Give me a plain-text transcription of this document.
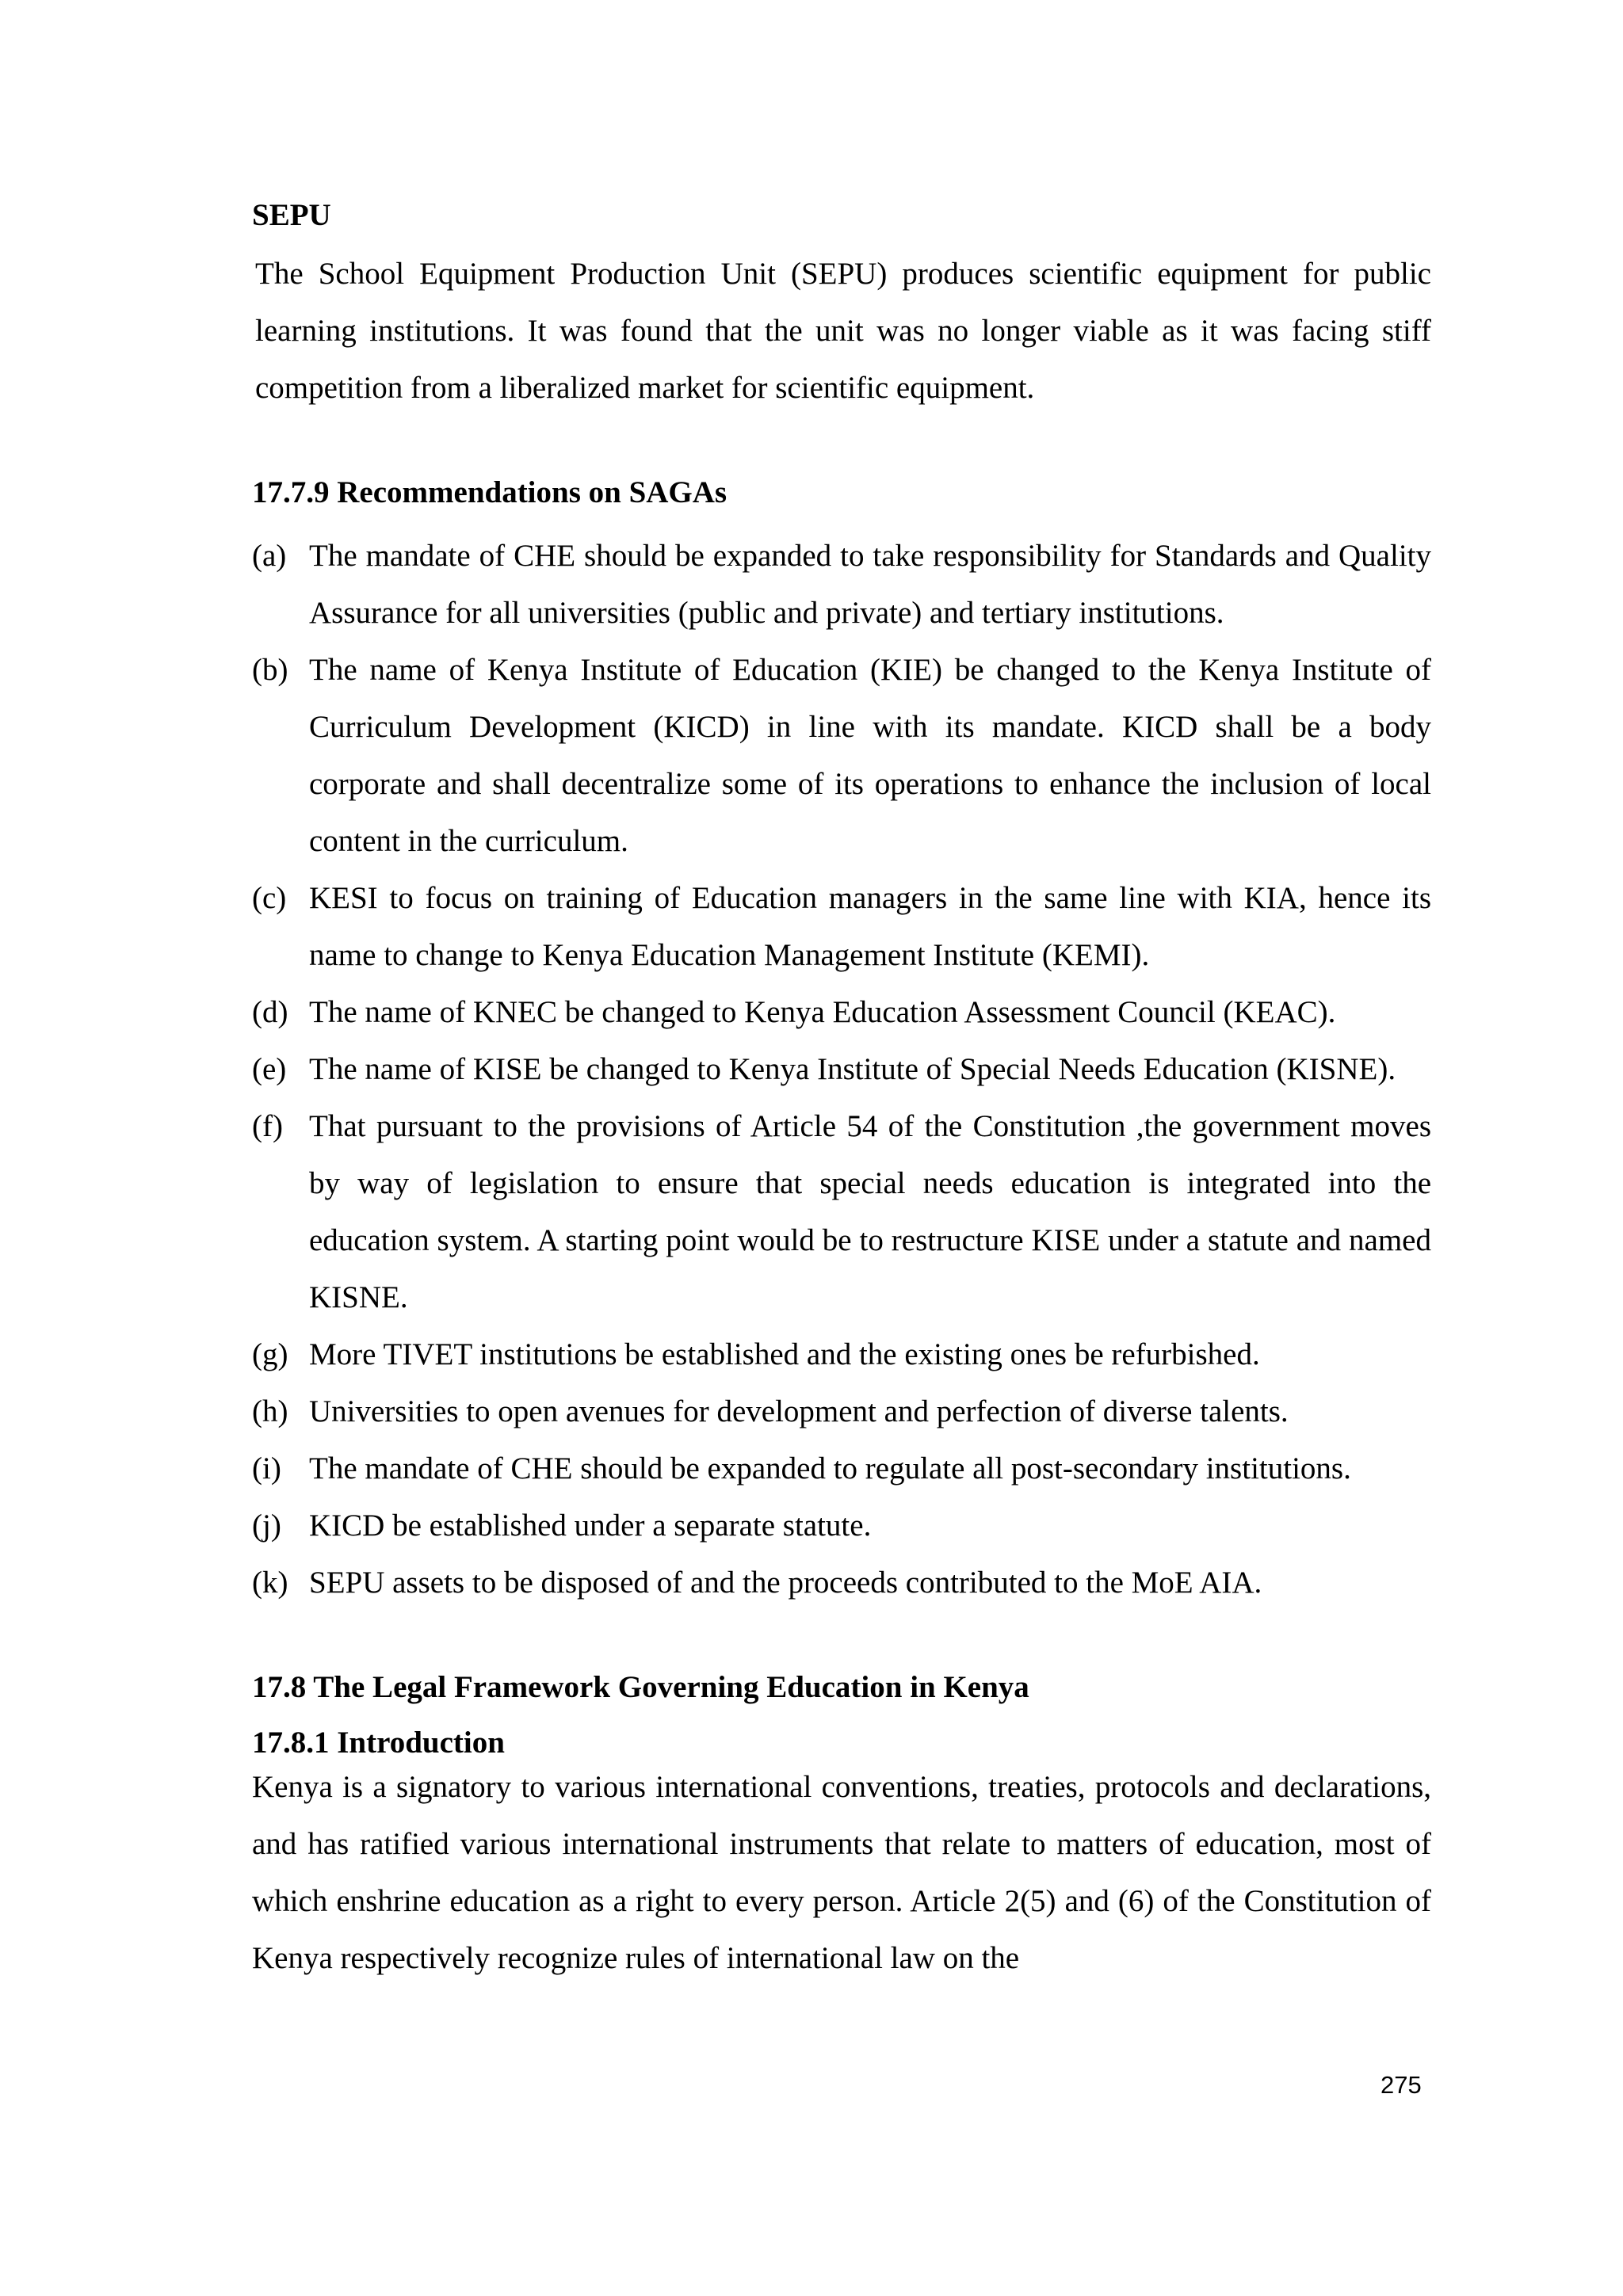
SEPU

The School Equipment Production Unit (SEPU) produces scientific equipment for public learning institutions. It was found that the unit was no longer viable as it was facing stiff competition from a liberalized market for scientific equipment.

17.7.9 Recommendations on SAGAs
(a) The mandate of CHE should be expanded to take responsibility for Standards and Quality Assurance for all universities (public and private) and tertiary institutions.
(b) The name of Kenya Institute of Education (KIE) be changed to the Kenya Institute of Curriculum Development (KICD) in line with its mandate. KICD shall be a body corporate and shall decentralize some of its operations to enhance the inclusion of local content in the curriculum.
(c) KESI to focus on training of Education managers in the same line with KIA, hence its name to change to Kenya Education Management Institute (KEMI).
(d) The name of KNEC be changed to Kenya Education Assessment Council (KEAC).
(e) The name of KISE be changed to Kenya Institute of Special Needs Education (KISNE).
(f) That pursuant to the provisions of Article 54 of the Constitution ,the government moves by way of legislation to ensure that special needs education is integrated into the education system. A starting point would be to restructure KISE under a statute and named KISNE.
(g) More TIVET institutions be established and the existing ones be refurbished.
(h) Universities to open avenues for development and perfection of diverse talents.
(i) The mandate of CHE should be expanded to regulate all post-secondary institutions.
(j) KICD be established under a separate statute.
(k) SEPU assets to be disposed of and the proceeds contributed to the MoE AIA.
17.8 The Legal Framework Governing Education in Kenya
17.8.1 Introduction

Kenya is a signatory to various international conventions, treaties, protocols and declarations, and has ratified various international instruments that relate to matters of education, most of which enshrine education as a right to every person. Article 2(5) and (6) of the Constitution of Kenya respectively recognize rules of international law on the

275
